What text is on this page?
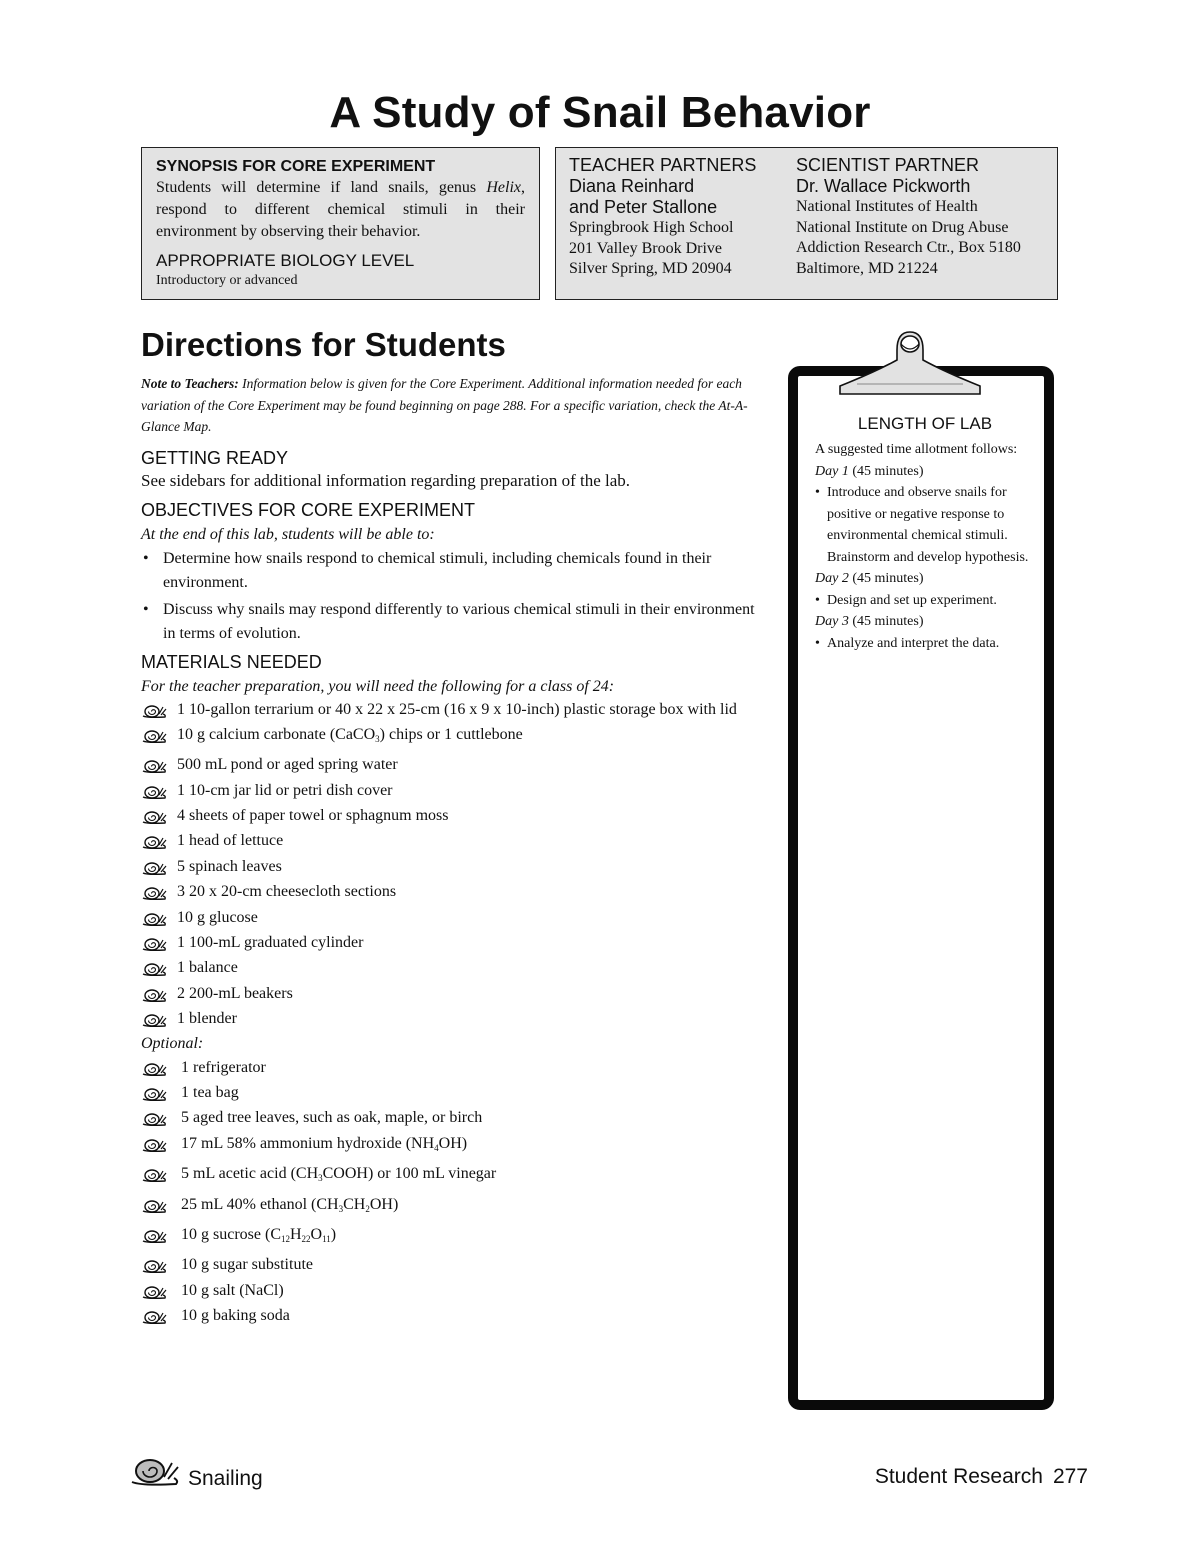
A Study of Snail Behavior
SYNOPSIS FOR CORE EXPERIMENT
Students will determine if land snails, genus Helix, respond to different chemical stimuli in their environment by observing their behavior.
APPROPRIATE BIOLOGY LEVEL
Introductory or advanced
TEACHER PARTNERS
Diana Reinhard
and Peter Stallone
Springbrook High School
201 Valley Brook Drive
Silver Spring, MD 20904
SCIENTIST PARTNER
Dr. Wallace Pickworth
National Institutes of Health
National Institute on Drug Abuse
Addiction Research Ctr., Box 5180
Baltimore, MD 21224
Directions for Students
Note to Teachers: Information below is given for the Core Experiment. Additional information needed for each variation of the Core Experiment may be found beginning on page 288. For a specific variation, check the At-A-Glance Map.
GETTING READY
See sidebars for additional information regarding preparation of the lab.
OBJECTIVES FOR CORE EXPERIMENT
At the end of this lab, students will be able to:
• Determine how snails respond to chemical stimuli, including chemicals found in their environment.
• Discuss why snails may respond differently to various chemical stimuli in their environment in terms of evolution.
MATERIALS NEEDED
For the teacher preparation, you will need the following for a class of 24:
1 10-gallon terrarium or 40 x 22 x 25-cm (16 x 9 x 10-inch) plastic storage box with lid
10 g calcium carbonate (CaCO$_3$) chips or 1 cuttlebone
500 mL pond or aged spring water
1 10-cm jar lid or petri dish cover
4 sheets of paper towel or sphagnum moss
1 head of lettuce
5 spinach leaves
3 20 x 20-cm cheesecloth sections
10 g glucose
1 100-mL graduated cylinder
1 balance
2 200-mL beakers
1 blender
Optional:
1 refrigerator
1 tea bag
5 aged tree leaves, such as oak, maple, or birch
17 mL 58% ammonium hydroxide $(NH_4OH)$
5 mL acetic acid $(CH_3COOH)$ or 100 mL vinegar
25 mL 40% ethanol $(CH_3CH_2OH)$
10 g sucrose $(C_{12}H_{22}O_{11})$
10 g sugar substitute
10 g salt (NaCl)
10 g baking soda
LENGTH OF LAB
A suggested time allotment follows:
Day 1 (45 minutes)
• Introduce and observe snails for positive or negative response to environmental chemical stimuli. Brainstorm and develop hypothesis.
Day 2 (45 minutes)
• Design and set up experiment.
Day 3 (45 minutes)
• Analyze and interpret the data.
Snailing	Student Research 277
